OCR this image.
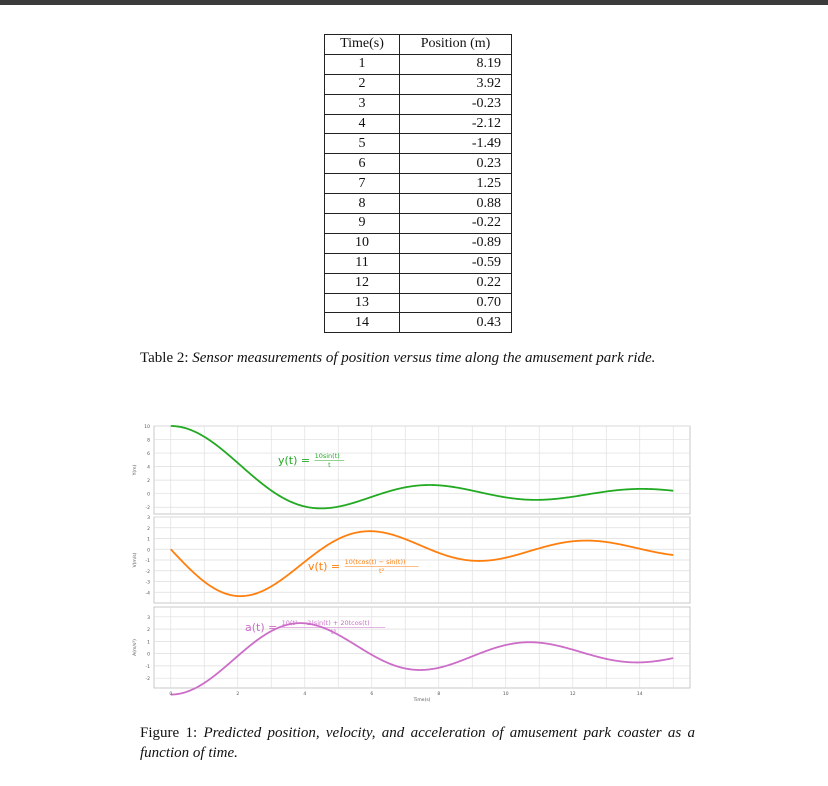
Time(s)	Position (m)
1	8.19
2	3.92
3	-0.23
4	-2.12
5	-1.49
6	0.23
7	1.25
8	0.88
9	-0.22
10	-0.89
11	-0.59
12	0.22
13	0.70
14	0.43
Table 2: Sensor measurements of position versus time along the amusement park ride.
10
8
6
4
2
0
-2
Y(m)
y(t) = 10sin(t)
t
3
2
1
0
-1
-2
-3
-4
V(m/s)	v(t) = 10(tcos(t) − sin(t))
t²
3
2
1
0
-1
-2
A(m/s²)
a(t) = 10(t² − 2)sin(t) + 20tcos(t)
t³
0	2	4	6	8	10	12	14
Time(s)
Figure 1: Predicted position, velocity, and acceleration of amusement park coaster as a function of time.
